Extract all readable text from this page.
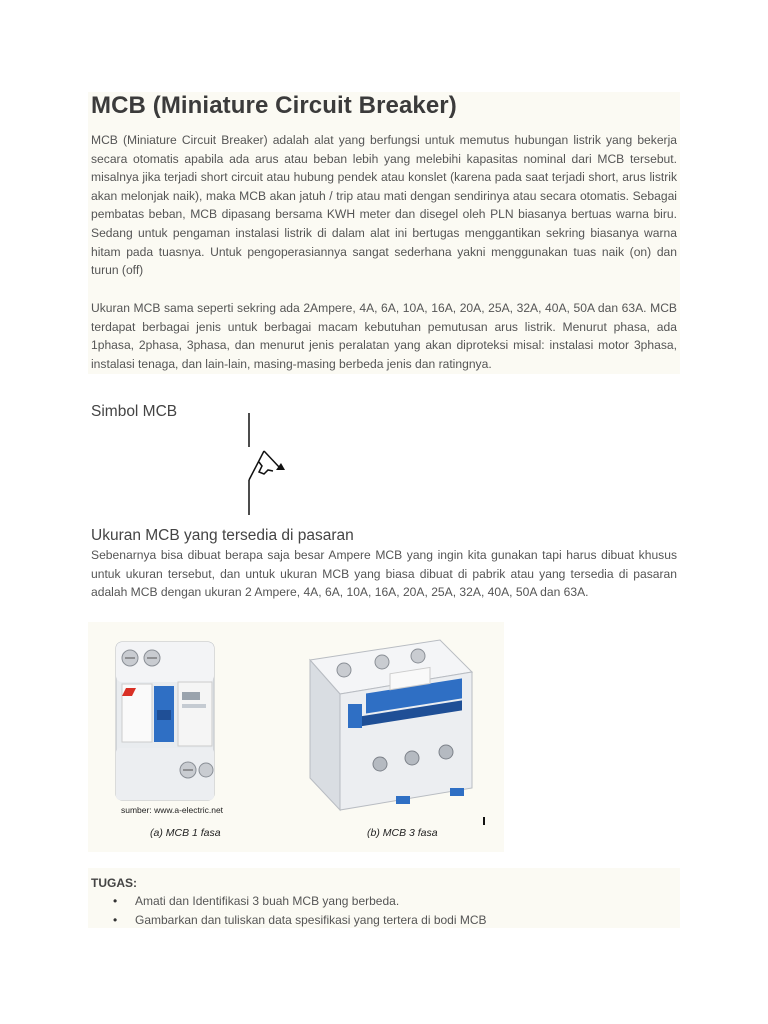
MCB (Miniature Circuit Breaker)

MCB (Miniature Circuit Breaker) adalah alat yang berfungsi untuk memutus hubungan listrik yang bekerja secara otomatis apabila ada arus atau beban lebih yang melebihi kapasitas nominal dari MCB tersebut. misalnya jika terjadi short circuit atau hubung pendek atau konslet (karena pada saat terjadi short, arus listrik akan melonjak naik), maka MCB akan jatuh / trip atau mati dengan sendirinya atau secara otomatis. Sebagai pembatas beban, MCB dipasang bersama KWH meter dan disegel oleh PLN biasanya bertuas warna biru. Sedang untuk pengaman instalasi listrik di dalam alat ini bertugas menggantikan sekring biasanya warna hitam pada tuasnya. Untuk pengoperasiannya sangat sederhana yakni menggunakan tuas naik (on) dan turun (off)

Ukuran MCB sama seperti sekring ada 2Ampere, 4A, 6A, 10A, 16A, 20A, 25A, 32A, 40A, 50A dan 63A. MCB terdapat berbagai jenis untuk berbagai macam kebutuhan pemutusan arus listrik. Menurut phasa, ada 1phasa, 2phasa, 3phasa, dan menurut jenis peralatan yang akan diproteksi misal: instalasi motor 3phasa, instalasi tenaga, dan lain-lain, masing-masing berbeda jenis dan ratingnya.

Simbol MCB
Ukuran MCB yang tersedia di pasaran

Sebenarnya bisa dibuat berapa saja besar Ampere MCB yang ingin kita gunakan tapi harus dibuat khusus untuk ukuran tersebut, dan untuk ukuran MCB yang biasa dibuat di pabrik atau yang tersedia di pasaran adalah MCB dengan ukuran 2 Ampere, 4A, 6A, 10A, 16A, 20A, 25A, 32A, 40A, 50A dan 63A.

sumber: www.a-electric.net
(a) MCB 1 fasa	(b) MCB 3 fasa
TUGAS:
• Amati dan Identifikasi 3 buah MCB yang berbeda.
• Gambarkan dan tuliskan data spesifikasi yang tertera di bodi MCB
